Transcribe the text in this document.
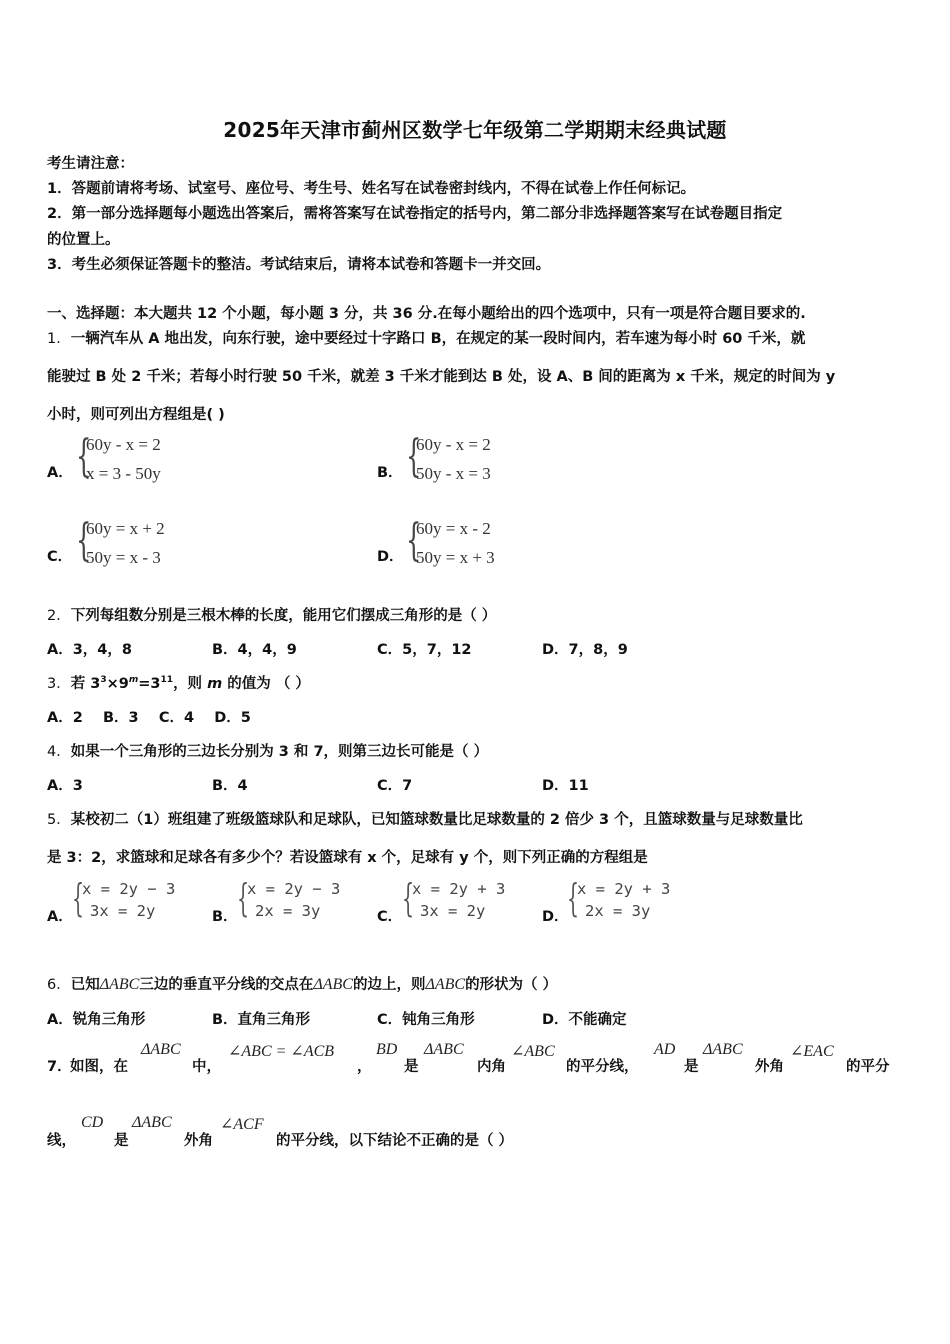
2025年天津市蓟州区数学七年级第二学期期末经典试题
考生请注意：
1．答题前请将考场、试室号、座位号、考生号、姓名写在试卷密封线内，不得在试卷上作任何标记。
2．第一部分选择题每小题选出答案后，需将答案写在试卷指定的括号内，第二部分非选择题答案写在试卷题目指定
的位置上。
3．考生必须保证答题卡的整洁。考试结束后，请将本试卷和答题卡一并交回。
一、选择题：本大题共 12 个小题，每小题 3 分，共 36 分.在每小题给出的四个选项中，只有一项是符合题目要求的.
1．一辆汽车从 A 地出发，向东行驶，途中要经过十字路口 B，在规定的某一段时间内，若车速为每小时 60 千米，就
能驶过 B 处 2 千米；若每小时行驶 50 千米，就差 3 千米才能到达 B 处，设 A、B 间的距离为 x 千米，规定的时间为 y
小时，则可列出方程组是( )
A． {
60y - x = 2
x = 3 - 50y	B． {
60y - x = 2
50y - x = 3
C． {
60y = x + 2
50y = x - 3	D． {
60y = x - 2
50y = x + 3
2．下列每组数分别是三根木棒的长度，能用它们摆成三角形的是（ ）
A．3，4，8	B．4，4，9	C．5，7，12	D．7，8，9
3．若 $3^3\times 9^m=3^{11}$，则 m 的值为 （ ）
A．2    B．3    C．4    D．5
4．如果一个三角形的三边长分别为 3 和 7，则第三边长可能是（ ）
A．3	B．4	C．7	D．11
5．某校初二（1）班组建了班级篮球队和足球队，已知篮球数量比足球数量的 2 倍少 3 个，且篮球数量与足球数量比
是 3：2，求篮球和足球各有多少个？若设篮球有 x 个，足球有 y 个，则下列正确的方程组是
A． {
x = 2y − 3
3x = 2y	B． {
x = 2y − 3
2x = 3y	C． {
x = 2y + 3
3x = 2y	D．
{
x = 2y + 3
2x = 3y
6．已知ΔABC三边的垂直平分线的交点在ΔABC的边上，则ΔABC的形状为（ ）
A．锐角三角形	B．直角三角形	C．钝角三角形	D．不能确定
7．
如图，在
ΔABC
中，
∠ABC = ∠ACB
，
BD
是
ΔABC
内角
∠ABC
的平分线，
AD
是
ΔABC
外角
∠EAC
的平分
线，
CD
是
ΔABC
外角
∠ACF
的平分线，以下结论不正确的是（ ）
